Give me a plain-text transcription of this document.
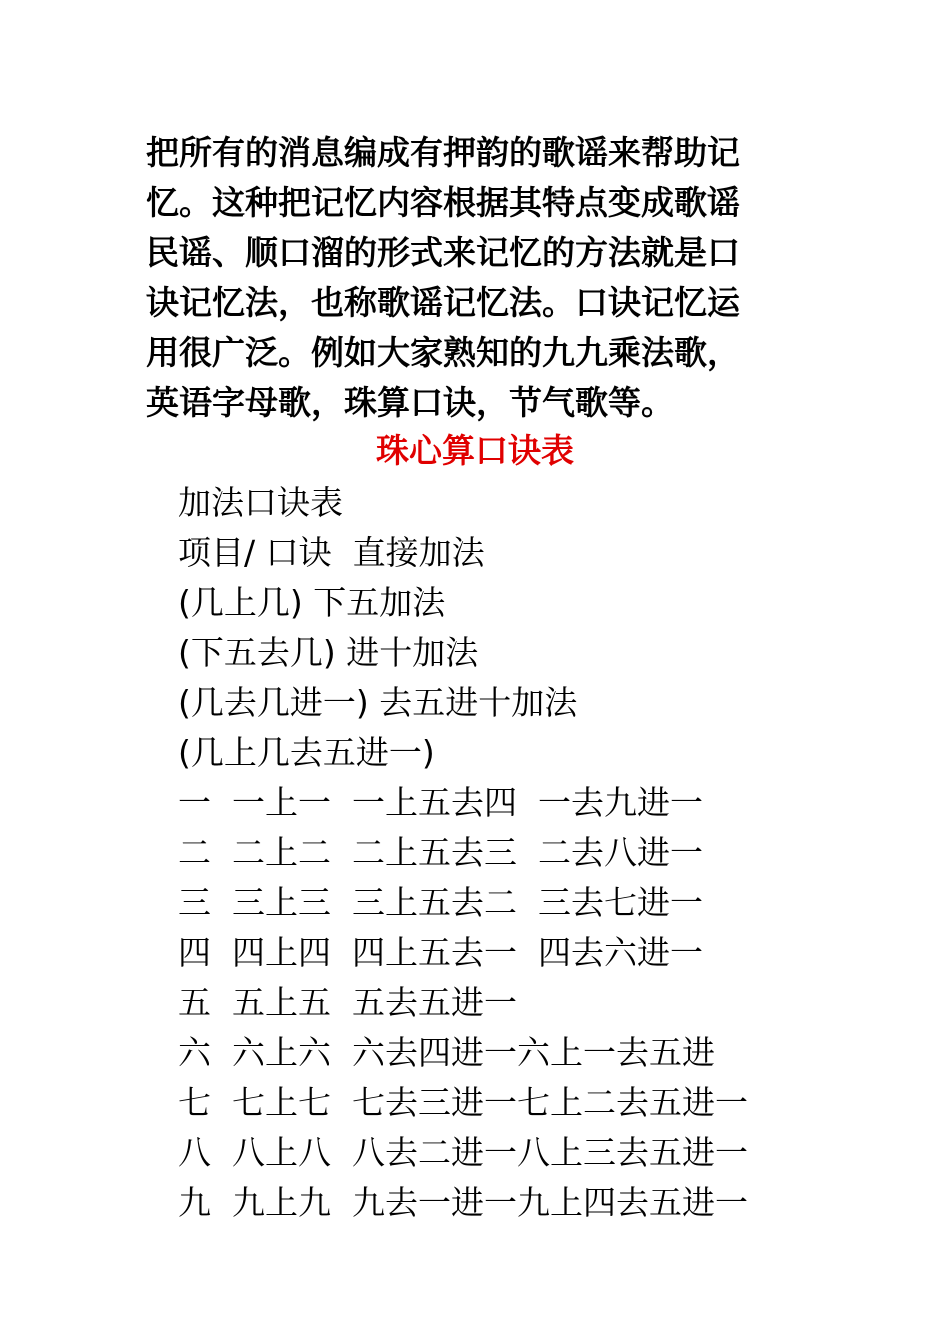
把所有的消息编成有押韵的歌谣来帮助记
忆。这种把记忆内容根据其特点变成歌谣
民谣、顺口溜的形式来记忆的方法就是口
诀记忆法，也称歌谣记忆法。口诀记忆运
用很广泛。例如大家熟知的九九乘法歌，
英语字母歌，珠算口诀，节气歌等。
珠心算口诀表
加法口诀表
项目/ 口诀  直接加法
(几上几) 下五加法
(下五去几) 进十加法
(几去几进一) 去五进十加法
(几上几去五进一)
一  一上一  一上五去四  一去九进一
二  二上二  二上五去三  二去八进一
三  三上三  三上五去二  三去七进一
四  四上四  四上五去一  四去六进一
五  五上五  五去五进一
六  六上六  六去四进一六上一去五进
七  七上七  七去三进一七上二去五进一
八  八上八  八去二进一八上三去五进一
九  九上九  九去一进一九上四去五进一
